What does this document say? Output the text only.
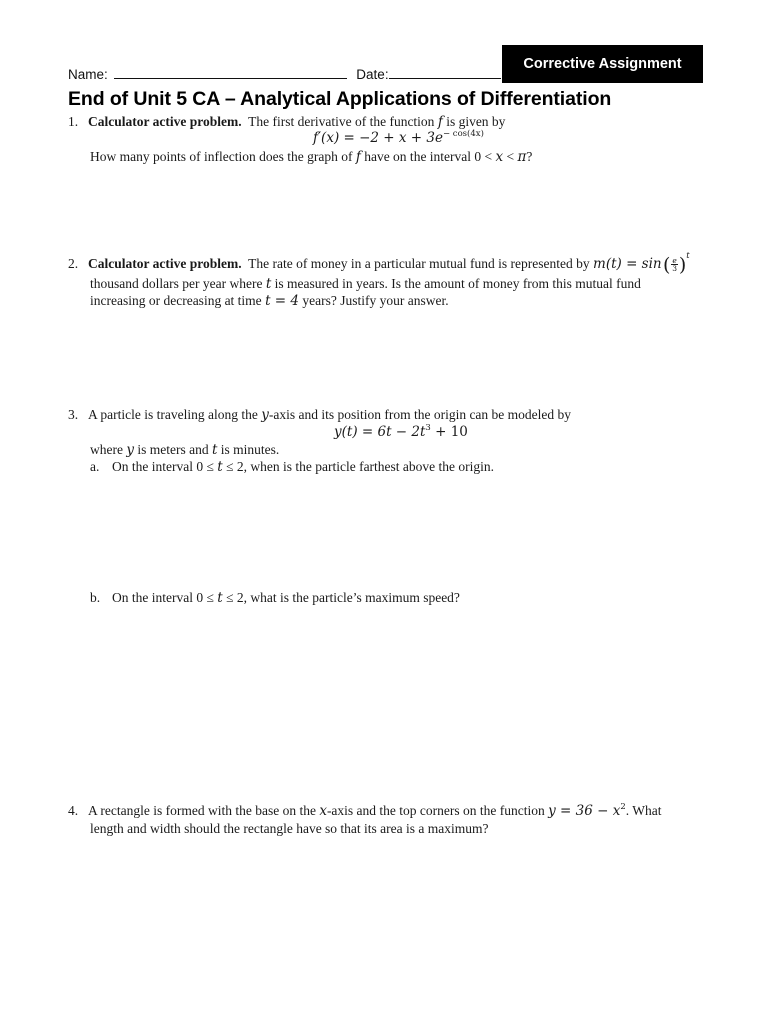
Corrective Assignment
Name:	Date:
End of Unit 5 CA – Analytical Applications of Differentiation
1. Calculator active problem. The first derivative of the function f is given by
$f'(x) = -2 + x + 3e^{- cos(4x)}$
How many points of inflection does the graph of f have on the interval 0 < x < π?
2. Calculator active problem. The rate of money in a particular mutual fund is represented by m(t) = sin ( $\frac{e}{3} )^t$
thousand dollars per year where t is measured in years. Is the amount of money from this mutual fund
increasing or decreasing at time t = 4 years? Justify your answer.
3. A particle is traveling along the y-axis and its position from the origin can be modeled by
$y(t) = 6t - 2t^3 + 10$
where y is meters and t is minutes.
a. On the interval 0 ≤ t ≤ 2, when is the particle farthest above the origin.
b. On the interval 0 ≤ t ≤ 2, what is the particle’s maximum speed?
4. A rectangle is formed with the base on the x-axis and the top corners on the function $y = 36 - x^2$. What
length and width should the rectangle have so that its area is a maximum?
